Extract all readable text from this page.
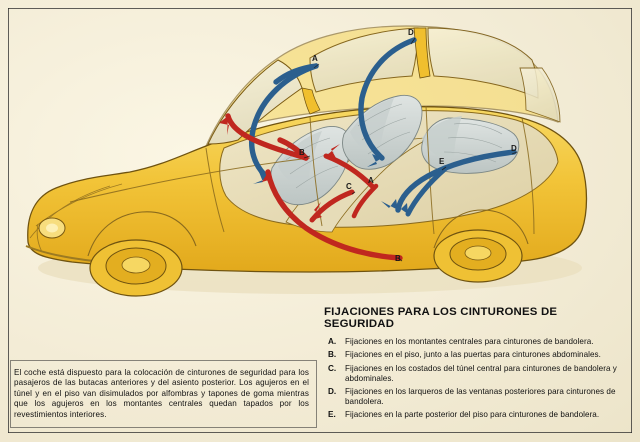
A
D
B
C
A
E
D
B

El coche está dispuesto para la colocación de cinturones de seguridad para los pasajeros de las butacas anteriores y del asiento posterior. Los agujeros en el túnel y en el piso van disimulados por alfombras y tapones de goma mientras que los agujeros en los montantes centrales quedan tapados por los revestimientos interiores.

FIJACIONES PARA LOS CINTURONES DE SEGURIDAD
A.	Fijaciones en los montantes centrales para cinturones de bandolera.
B.	Fijaciones en el piso, junto a las puertas para cinturones abdominales.
C.	Fijaciones en los costados del túnel central para cinturones de bandolera y abdominales.
D.	Fijaciones en los larqueros de las ventanas posteriores para cinturones de bandolera.
E.	Fijaciones en la parte posterior del piso para cinturones de bandolera.
